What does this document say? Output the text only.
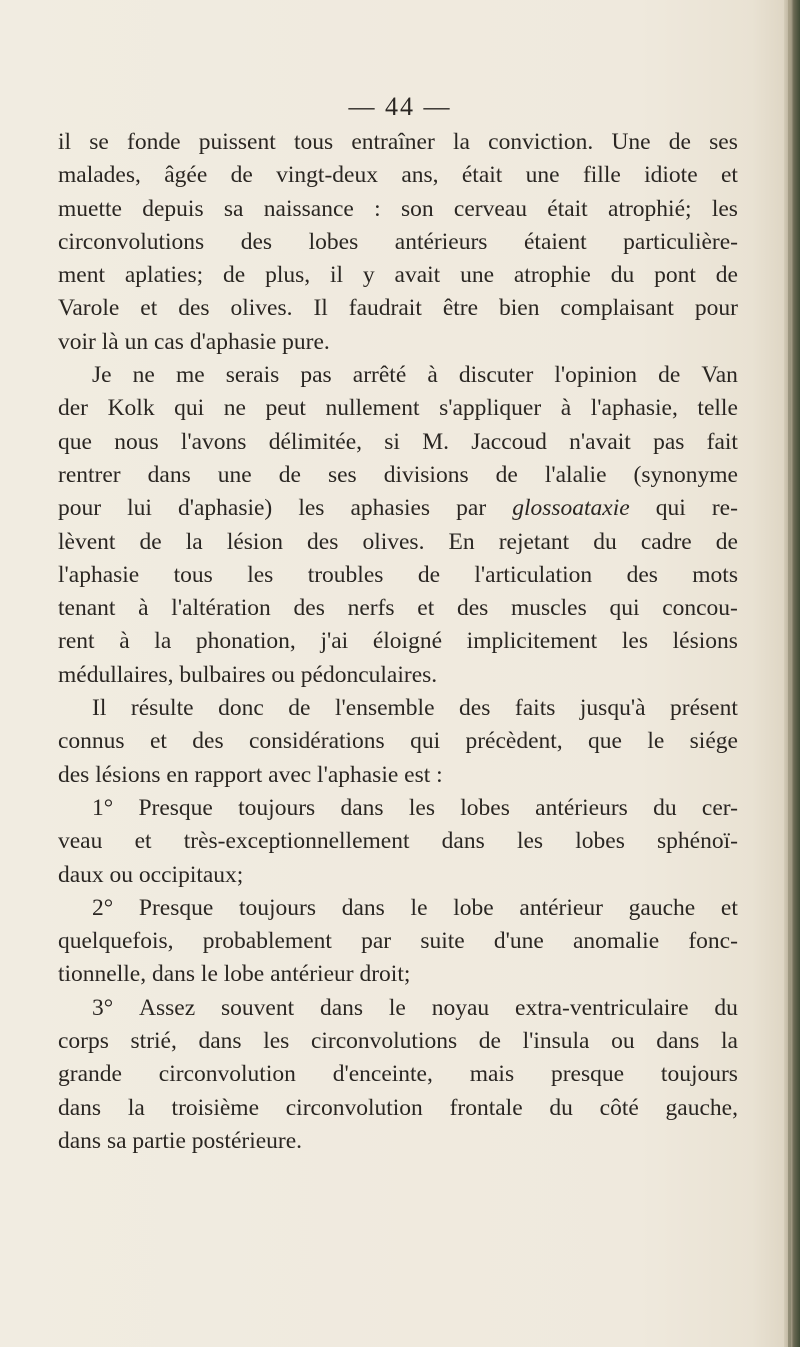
— 44 —
il se fonde puissent tous entraîner la conviction. Une de ses
malades, âgée de vingt-deux ans, était une fille idiote et
muette depuis sa naissance : son cerveau était atrophié; les
circonvolutions des lobes antérieurs étaient particulière-
ment aplaties; de plus, il y avait une atrophie du pont de
Varole et des olives. Il faudrait être bien complaisant pour
voir là un cas d'aphasie pure.
Je ne me serais pas arrêté à discuter l'opinion de Van
der Kolk qui ne peut nullement s'appliquer à l'aphasie, telle
que nous l'avons délimitée, si M. Jaccoud n'avait pas fait
rentrer dans une de ses divisions de l'alalie (synonyme
pour lui d'aphasie) les aphasies par glossoataxie qui re-
lèvent de la lésion des olives. En rejetant du cadre de
l'aphasie tous les troubles de l'articulation des mots
tenant à l'altération des nerfs et des muscles qui concou-
rent à la phonation, j'ai éloigné implicitement les lésions
médullaires, bulbaires ou pédonculaires.
Il résulte donc de l'ensemble des faits jusqu'à présent
connus et des considérations qui précèdent, que le siége
des lésions en rapport avec l'aphasie est :
1° Presque toujours dans les lobes antérieurs du cer-
veau et très-exceptionnellement dans les lobes sphénoï-
daux ou occipitaux;
2° Presque toujours dans le lobe antérieur gauche et
quelquefois, probablement par suite d'une anomalie fonc-
tionnelle, dans le lobe antérieur droit;
3° Assez souvent dans le noyau extra-ventriculaire du
corps strié, dans les circonvolutions de l'insula ou dans la
grande circonvolution d'enceinte, mais presque toujours
dans la troisième circonvolution frontale du côté gauche,
dans sa partie postérieure.
